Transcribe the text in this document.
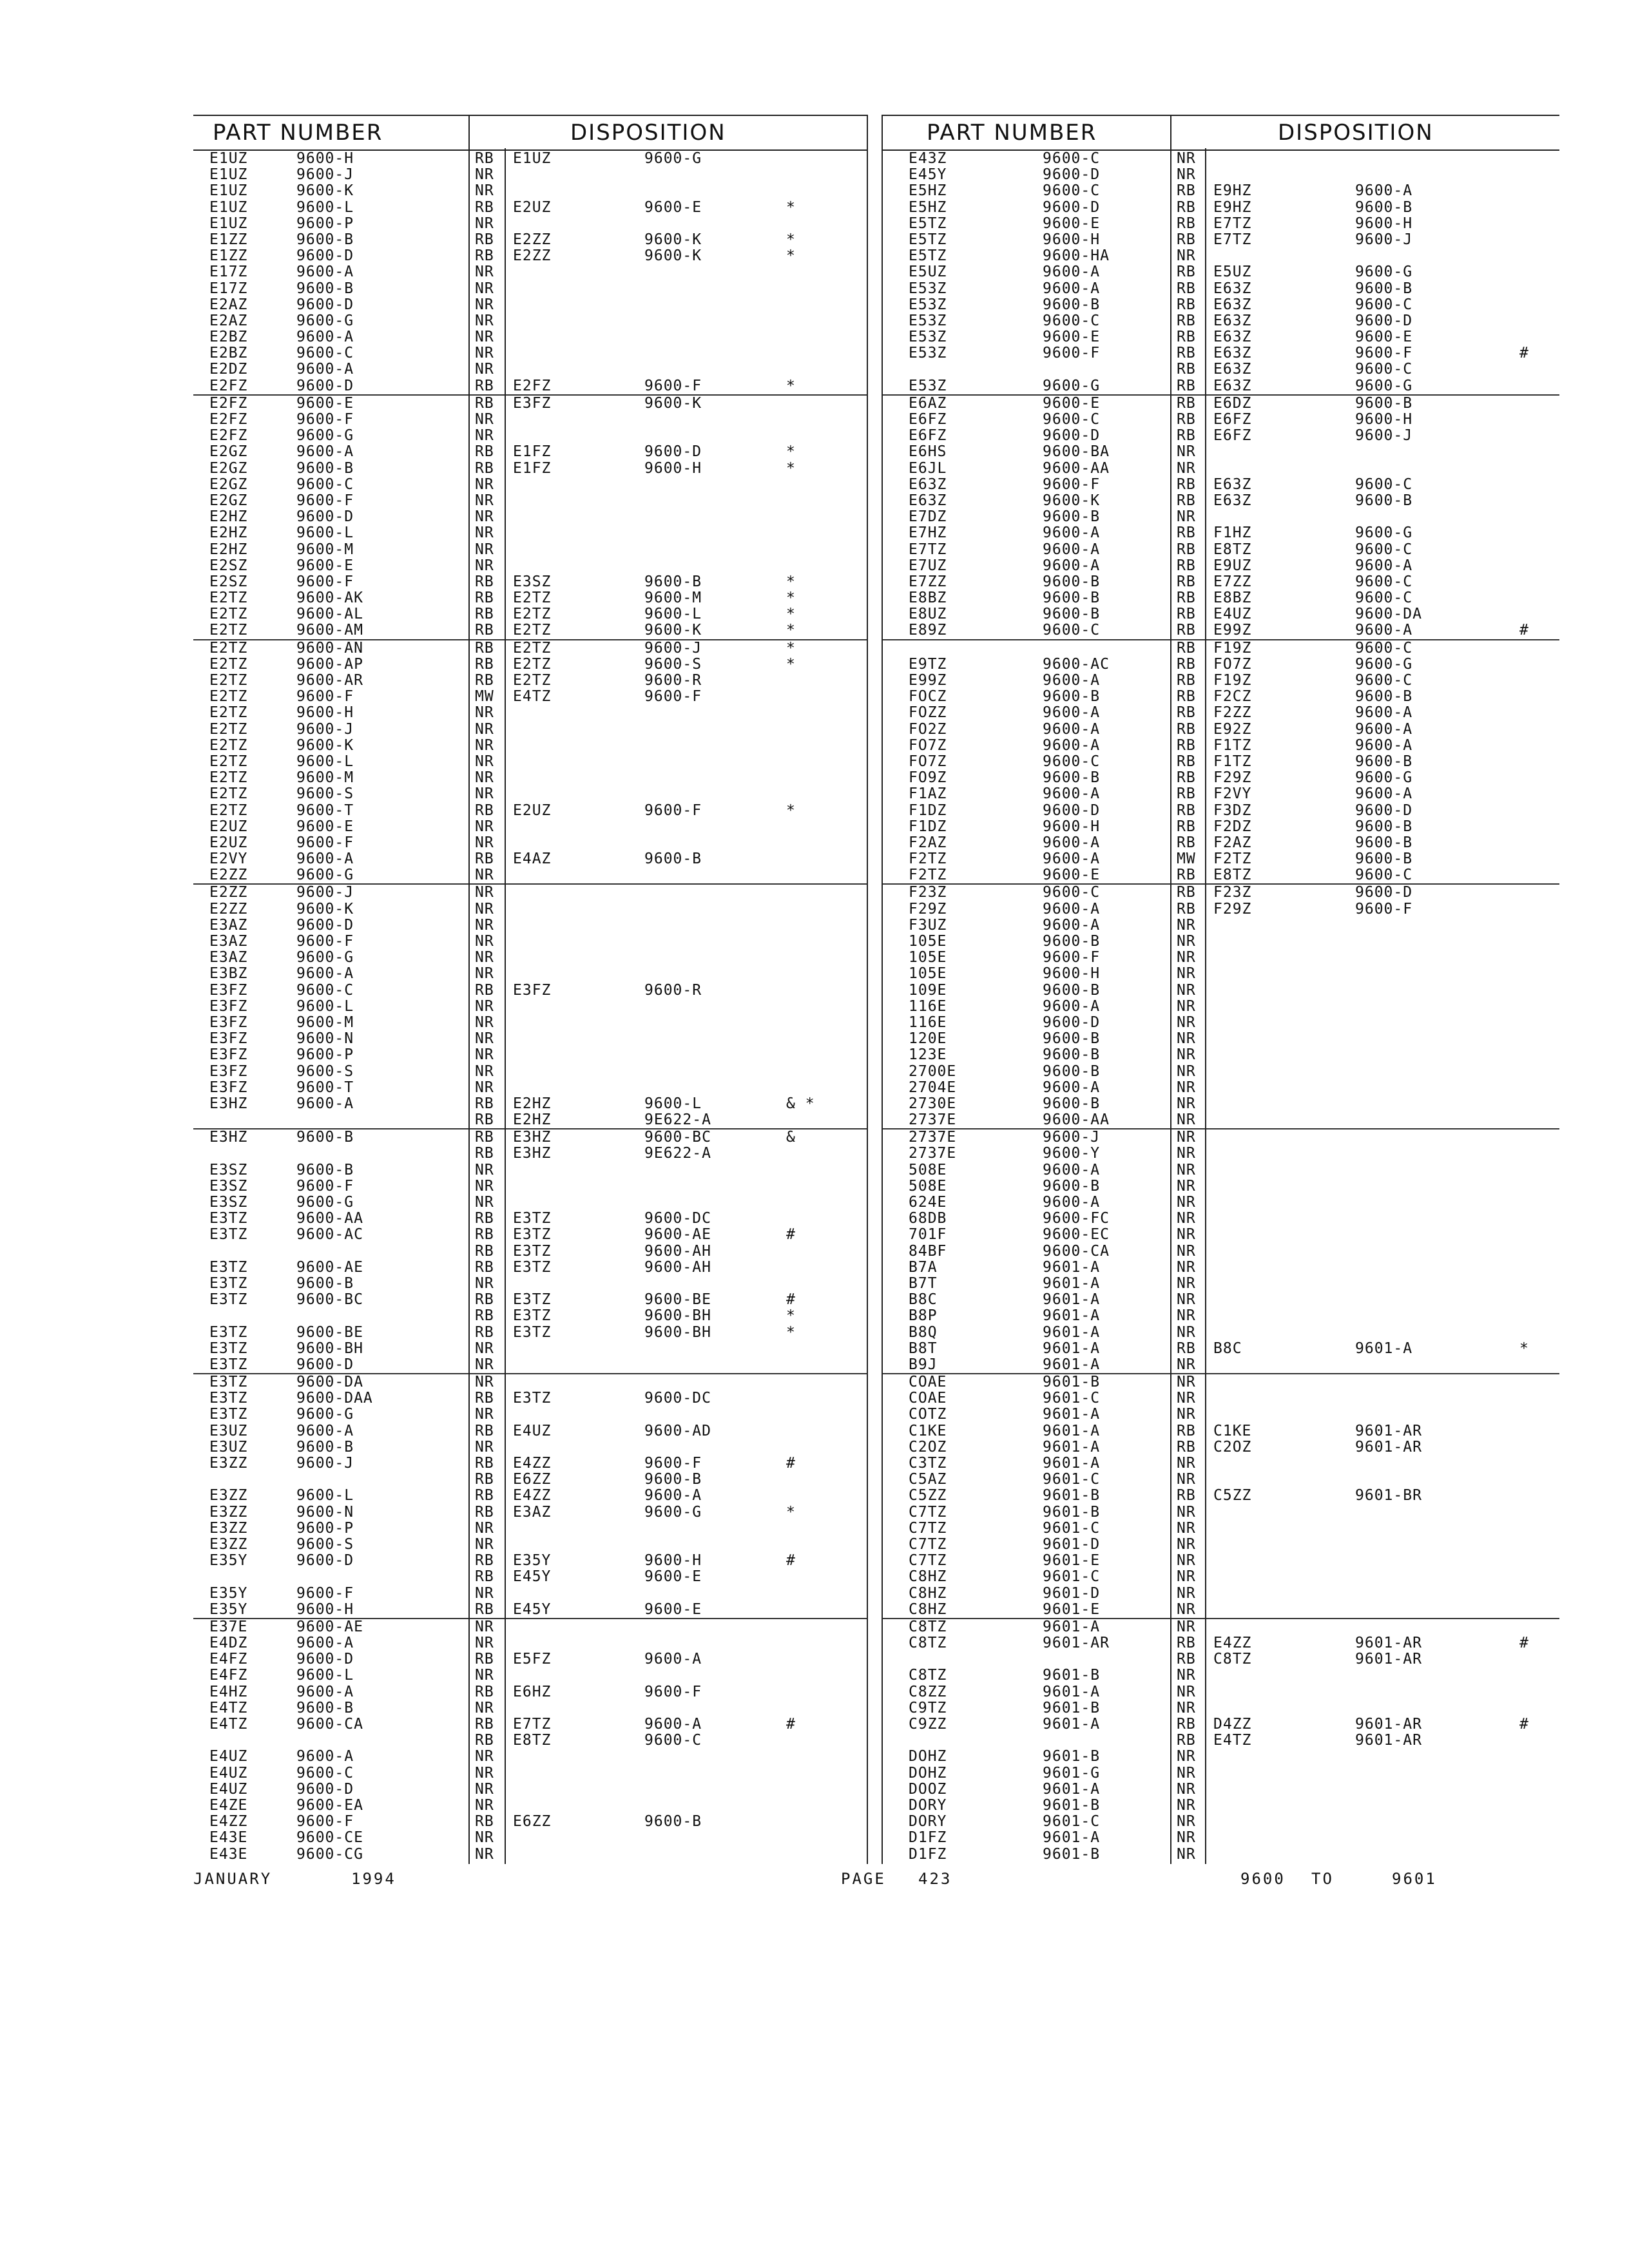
PART NUMBER	DISPOSITION
E1UZ	9600-H	RB E1UZ	9600-G
E1UZ	9600-J	NR
E1UZ	9600-K	NR
E1UZ	9600-L	RB E2UZ	9600-E	*
E1UZ	9600-P	NR
E1ZZ	9600-B	RB E2ZZ	9600-K	*
E1ZZ	9600-D	RB E2ZZ	9600-K	*
E17Z	9600-A	NR
E17Z	9600-B	NR
E2AZ	9600-D	NR
E2AZ	9600-G	NR
E2BZ	9600-A	NR
E2BZ	9600-C	NR
E2DZ	9600-A	NR
E2FZ	9600-D	RB E2FZ	9600-F	*
E2FZ	9600-E	RB E3FZ	9600-K
E2FZ	9600-F	NR
E2FZ	9600-G	NR
E2GZ	9600-A	RB E1FZ	9600-D	*
E2GZ	9600-B	RB E1FZ	9600-H	*
E2GZ	9600-C	NR
E2GZ	9600-F	NR
E2HZ	9600-D	NR
E2HZ	9600-L	NR
E2HZ	9600-M	NR
E2SZ	9600-E	NR
E2SZ	9600-F	RB E3SZ	9600-B	*
E2TZ	9600-AK	RB E2TZ	9600-M	*
E2TZ	9600-AL	RB E2TZ	9600-L	*
E2TZ	9600-AM	RB E2TZ	9600-K	*
E2TZ	9600-AN	RB E2TZ	9600-J	*
E2TZ	9600-AP	RB E2TZ	9600-S	*
E2TZ	9600-AR	RB E2TZ	9600-R
E2TZ	9600-F	MW E4TZ	9600-F
E2TZ	9600-H	NR
E2TZ	9600-J	NR
E2TZ	9600-K	NR
E2TZ	9600-L	NR
E2TZ	9600-M	NR
E2TZ	9600-S	NR
E2TZ	9600-T	RB E2UZ	9600-F	*
E2UZ	9600-E	NR
E2UZ	9600-F	NR
E2VY	9600-A	RB E4AZ	9600-B
E2ZZ	9600-G	NR
E2ZZ	9600-J	NR
E2ZZ	9600-K	NR
E3AZ	9600-D	NR
E3AZ	9600-F	NR
E3AZ	9600-G	NR
E3BZ	9600-A	NR
E3FZ	9600-C	RB E3FZ	9600-R
E3FZ	9600-L	NR
E3FZ	9600-M	NR
E3FZ	9600-N	NR
E3FZ	9600-P	NR
E3FZ	9600-S	NR
E3FZ	9600-T	NR
E3HZ	9600-A	RB E2HZ	9600-L	& *
RB E2HZ	9E622-A
E3HZ	9600-B	RB E3HZ	9600-BC	&
RB E3HZ	9E622-A
E3SZ	9600-B	NR
E3SZ	9600-F	NR
E3SZ	9600-G	NR
E3TZ	9600-AA	RB E3TZ	9600-DC
E3TZ	9600-AC	RB E3TZ	9600-AE	#
RB E3TZ	9600-AH
E3TZ	9600-AE	RB E3TZ	9600-AH
E3TZ	9600-B	NR
E3TZ	9600-BC	RB E3TZ	9600-BE	#
RB E3TZ	9600-BH	*
E3TZ	9600-BE	RB E3TZ	9600-BH	*
E3TZ	9600-BH	NR
E3TZ	9600-D	NR
E3TZ	9600-DA	NR
E3TZ	9600-DAA	RB E3TZ	9600-DC
E3TZ	9600-G	NR
E3UZ	9600-A	RB E4UZ	9600-AD
E3UZ	9600-B	NR
E3ZZ	9600-J	RB E4ZZ	9600-F	#
RB E6ZZ	9600-B
E3ZZ	9600-L	RB E4ZZ	9600-A
E3ZZ	9600-N	RB E3AZ	9600-G	*
E3ZZ	9600-P	NR
E3ZZ	9600-S	NR
E35Y	9600-D	RB E35Y	9600-H	#
RB E45Y	9600-E
E35Y	9600-F	NR
E35Y	9600-H	RB E45Y	9600-E
E37E	9600-AE	NR
E4DZ	9600-A	NR
E4FZ	9600-D	RB E5FZ	9600-A
E4FZ	9600-L	NR
E4HZ	9600-A	RB E6HZ	9600-F
E4TZ	9600-B	NR
E4TZ	9600-CA	RB E7TZ	9600-A	#
RB E8TZ	9600-C
E4UZ	9600-A	NR
E4UZ	9600-C	NR
E4UZ	9600-D	NR
E4ZE	9600-EA	NR
E4ZZ	9600-F	RB E6ZZ	9600-B
E43E	9600-CE	NR
E43E	9600-CG	NR
PART NUMBER	DISPOSITION
E43Z	9600-C	NR
E45Y	9600-D	NR
E5HZ	9600-C	RB E9HZ	9600-A
E5HZ	9600-D	RB E9HZ	9600-B
E5TZ	9600-E	RB E7TZ	9600-H
E5TZ	9600-H	RB E7TZ	9600-J
E5TZ	9600-HA	NR
E5UZ	9600-A	RB E5UZ	9600-G
E53Z	9600-A	RB E63Z	9600-B
E53Z	9600-B	RB E63Z	9600-C
E53Z	9600-C	RB E63Z	9600-D
E53Z	9600-E	RB E63Z	9600-E
E53Z	9600-F	RB E63Z	9600-F	#
RB E63Z	9600-C
E53Z	9600-G	RB E63Z	9600-G
E6AZ	9600-E	RB E6DZ	9600-B
E6FZ	9600-C	RB E6FZ	9600-H
E6FZ	9600-D	RB E6FZ	9600-J
E6HS	9600-BA	NR
E6JL	9600-AA	NR
E63Z	9600-F	RB E63Z	9600-C
E63Z	9600-K	RB E63Z	9600-B
E7DZ	9600-B	NR
E7HZ	9600-A	RB F1HZ	9600-G
E7TZ	9600-A	RB E8TZ	9600-C
E7UZ	9600-A	RB E9UZ	9600-A
E7ZZ	9600-B	RB E7ZZ	9600-C
E8BZ	9600-B	RB E8BZ	9600-C
E8UZ	9600-B	RB E4UZ	9600-DA
E89Z	9600-C	RB E99Z	9600-A	#
RB F19Z	9600-C
E9TZ	9600-AC	RB FO7Z	9600-G
E99Z	9600-A	RB F19Z	9600-C
FOCZ	9600-B	RB F2CZ	9600-B
FOZZ	9600-A	RB F2ZZ	9600-A
FO2Z	9600-A	RB E92Z	9600-A
FO7Z	9600-A	RB F1TZ	9600-A
FO7Z	9600-C	RB F1TZ	9600-B
FO9Z	9600-B	RB F29Z	9600-G
F1AZ	9600-A	RB F2VY	9600-A
F1DZ	9600-D	RB F3DZ	9600-D
F1DZ	9600-H	RB F2DZ	9600-B
F2AZ	9600-A	RB F2AZ	9600-B
F2TZ	9600-A	MW F2TZ	9600-B
F2TZ	9600-E	RB E8TZ	9600-C
F23Z	9600-C	RB F23Z	9600-D
F29Z	9600-A	RB F29Z	9600-F
F3UZ	9600-A	NR
105E	9600-B	NR
105E	9600-F	NR
105E	9600-H	NR
109E	9600-B	NR
116E	9600-A	NR
116E	9600-D	NR
120E	9600-B	NR
123E	9600-B	NR
2700E	9600-B	NR
2704E	9600-A	NR
2730E	9600-B	NR
2737E	9600-AA	NR
2737E	9600-J	NR
2737E	9600-Y	NR
508E	9600-A	NR
508E	9600-B	NR
624E	9600-A	NR
68DB	9600-FC	NR
701F	9600-EC	NR
84BF	9600-CA	NR
B7A	9601-A	NR
B7T	9601-A	NR
B8C	9601-A	NR
B8P	9601-A	NR
B8Q	9601-A	NR
B8T	9601-A	RB B8C	9601-A	*
B9J	9601-A	NR
COAE	9601-B	NR
COAE	9601-C	NR
COTZ	9601-A	NR
C1KE	9601-A	RB C1KE	9601-AR
C2OZ	9601-A	RB C2OZ	9601-AR
C3TZ	9601-A	NR
C5AZ	9601-C	NR
C5ZZ	9601-B	RB C5ZZ	9601-BR
C7TZ	9601-B	NR
C7TZ	9601-C	NR
C7TZ	9601-D	NR
C7TZ	9601-E	NR
C8HZ	9601-C	NR
C8HZ	9601-D	NR
C8HZ	9601-E	NR
C8TZ	9601-A	NR
C8TZ	9601-AR	RB E4ZZ	9601-AR	#
RB C8TZ	9601-AR
C8TZ	9601-B	NR
C8ZZ	9601-A	NR
C9TZ	9601-B	NR
C9ZZ	9601-A	RB D4ZZ	9601-AR	#
RB E4TZ	9601-AR
DOHZ	9601-B	NR
DOHZ	9601-G	NR
DOOZ	9601-A	NR
DORY	9601-B	NR
DORY	9601-C	NR
D1FZ	9601-A	NR
D1FZ	9601-B	NR
JANUARY	1994	PAGE 423	9600 TO	9601
